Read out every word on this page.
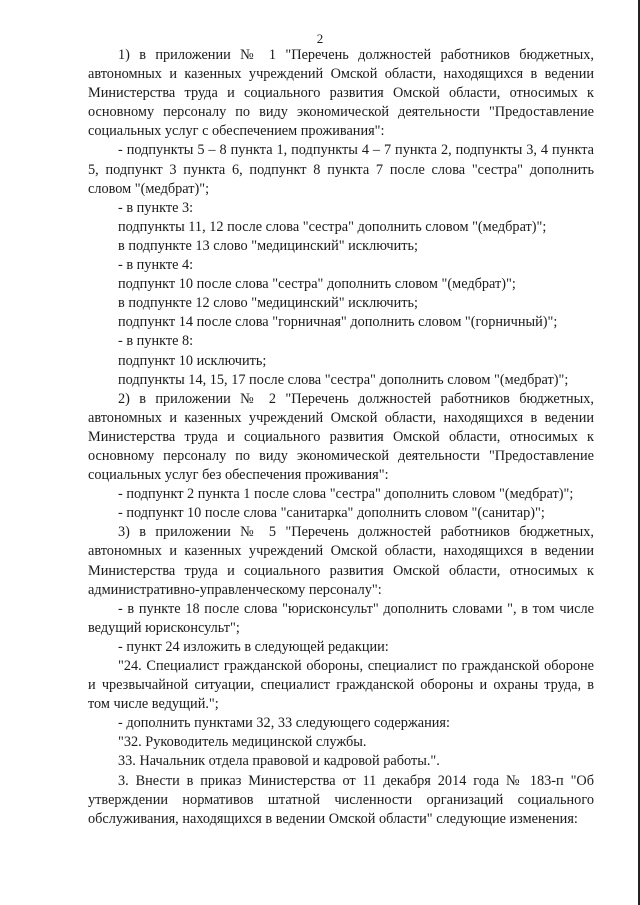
2

1) в приложении № 1 "Перечень должностей работников бюджетных, автономных и казенных учреждений Омской области, находящихся в ведении Министерства труда и социального развития Омской области, относимых к основному персоналу по виду экономической деятельности "Предоставление социальных услуг с обеспечением проживания":

- подпункты 5 – 8 пункта 1, подпункты 4 – 7 пункта 2, подпункты 3, 4 пункта 5, подпункт 3 пункта 6, подпункт 8 пункта 7 после слова "сестра" дополнить словом "(медбрат)";

- в пункте 3:

подпункты 11, 12 после слова "сестра" дополнить словом "(медбрат)";

в подпункте 13 слово "медицинский" исключить;

- в пункте 4:

подпункт 10 после слова "сестра" дополнить словом "(медбрат)";

в подпункте 12 слово "медицинский" исключить;

подпункт 14 после слова "горничная" дополнить словом "(горничный)";

- в пункте 8:

подпункт 10 исключить;

подпункты 14, 15, 17 после слова "сестра" дополнить словом "(медбрат)";

2) в приложении № 2 "Перечень должностей работников бюджетных, автономных и казенных учреждений Омской области, находящихся в ведении Министерства труда и социального развития Омской области, относимых к основному персоналу по виду экономической деятельности "Предоставление социальных услуг без обеспечения проживания":

- подпункт 2 пункта 1 после слова "сестра" дополнить словом "(медбрат)";

- подпункт 10 после слова "санитарка" дополнить словом "(санитар)";

3) в приложении № 5 "Перечень должностей работников бюджетных, автономных и казенных учреждений Омской области, находящихся в ведении Министерства труда и социального развития Омской области, относимых к административно-управленческому персоналу":

- в пункте 18 после слова "юрисконсульт" дополнить словами ", в том числе ведущий юрисконсульт";

- пункт 24 изложить в следующей редакции:

"24. Специалист гражданской обороны, специалист по гражданской обороне и чрезвычайной ситуации, специалист гражданской обороны и охраны труда, в том числе ведущий.";

- дополнить пунктами 32, 33 следующего содержания:

"32. Руководитель медицинской службы.

33. Начальник отдела правовой и кадровой работы.".

3. Внести в приказ Министерства от 11 декабря 2014 года № 183-п "Об утверждении нормативов штатной численности организаций социального обслуживания, находящихся в ведении Омской области" следующие изменения:
